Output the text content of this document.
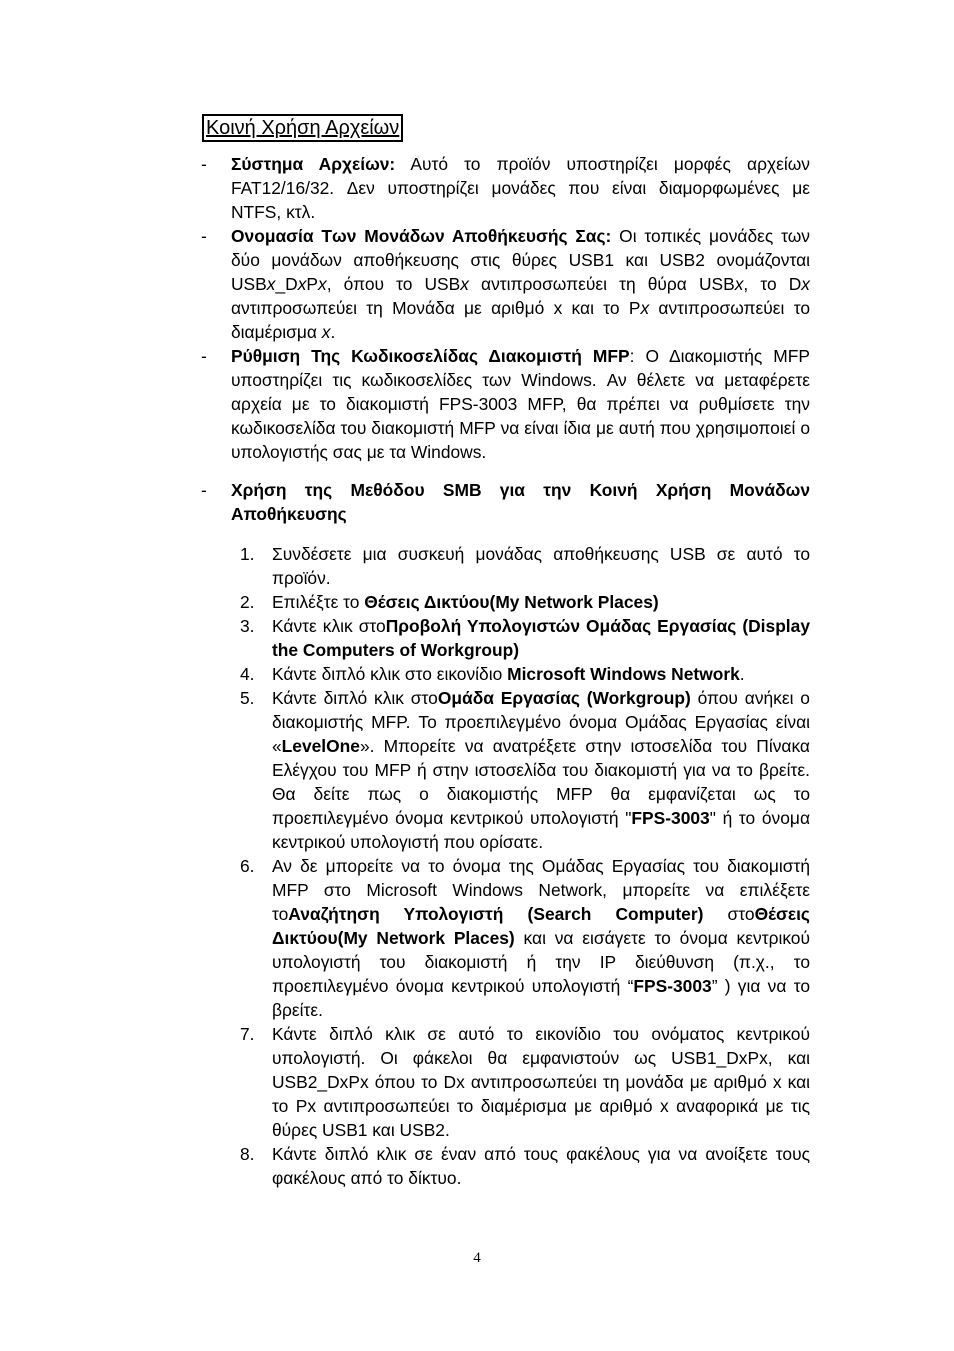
Κοινή Χρήση Αρχείων
- Σύστημα Αρχείων: Αυτό το προϊόν υποστηρίζει μορφές αρχείων FAT12/16/32. Δεν υποστηρίζει μονάδες που είναι διαμορφωμένες με NTFS, κτλ.
- Ονομασία Των Μονάδων Αποθήκευσής Σας: Οι τοπικές μονάδες των δύο μονάδων αποθήκευσης στις θύρες USB1 και USB2 ονομάζονται USBx_DxPx, όπου το USBx αντιπροσωπεύει τη θύρα USBx, το Dx αντιπροσωπεύει τη Μονάδα με αριθμό x και το Px αντιπροσωπεύει το διαμέρισμα x.
- Ρύθμιση Της Κωδικοσελίδας Διακομιστή MFP: Ο Διακομιστής MFP υποστηρίζει τις κωδικοσελίδες των Windows. Αν θέλετε να μεταφέρετε αρχεία με το διακομιστή FPS-3003 MFP, θα πρέπει να ρυθμίσετε την κωδικοσελίδα του διακομιστή MFP να είναι ίδια με αυτή που χρησιμοποιεί ο υπολογιστής σας με τα Windows.
- Χρήση της Μεθόδου SMB για την Κοινή Χρήση Μονάδων Αποθήκευσης
1. Συνδέσετε μια συσκευή μονάδας αποθήκευσης USB σε αυτό το προϊόν.
2. Επιλέξτε το Θέσεις Δικτύου(My Network Places)
3. Κάντε κλικ στοΠροβολή Υπολογιστών Ομάδας Εργασίας (Display the Computers of Workgroup)
4. Κάντε διπλό κλικ στο εικονίδιο Microsoft Windows Network.
5. Κάντε διπλό κλικ στοΟμάδα Εργασίας (Workgroup) όπου ανήκει ο διακομιστής MFP. Το προεπιλεγμένο όνομα Ομάδας Εργασίας είναι «LevelOne». Μπορείτε να ανατρέξετε στην ιστοσελίδα του Πίνακα Ελέγχου του MFP ή στην ιστοσελίδα του διακομιστή για να το βρείτε. Θα δείτε πως ο διακομιστής MFP θα εμφανίζεται ως το προεπιλεγμένο όνομα κεντρικού υπολογιστή "FPS-3003" ή το όνομα κεντρικού υπολογιστή που ορίσατε.
6. Αν δε μπορείτε να το όνομα της Ομάδας Εργασίας του διακομιστή MFP στο Microsoft Windows Network, μπορείτε να επιλέξετε τοΑναζήτηση Υπολογιστή (Search Computer) στοΘέσεις Δικτύου(My Network Places) και να εισάγετε το όνομα κεντρικού υπολογιστή του διακομιστή ή την IP διεύθυνση (π.χ., το προεπιλεγμένο όνομα κεντρικού υπολογιστή “FPS-3003” ) για να το βρείτε.
7. Κάντε διπλό κλικ σε αυτό το εικονίδιο του ονόματος κεντρικού υπολογιστή. Οι φάκελοι θα εμφανιστούν ως USB1_DxPx, και USB2_DxPx όπου το Dx αντιπροσωπεύει τη μονάδα με αριθμό x και το Px αντιπροσωπεύει το διαμέρισμα με αριθμό x αναφορικά με τις θύρες USB1 και USB2.
8. Κάντε διπλό κλικ σε έναν από τους φακέλους για να ανοίξετε τους φακέλους από το δίκτυο.
4
